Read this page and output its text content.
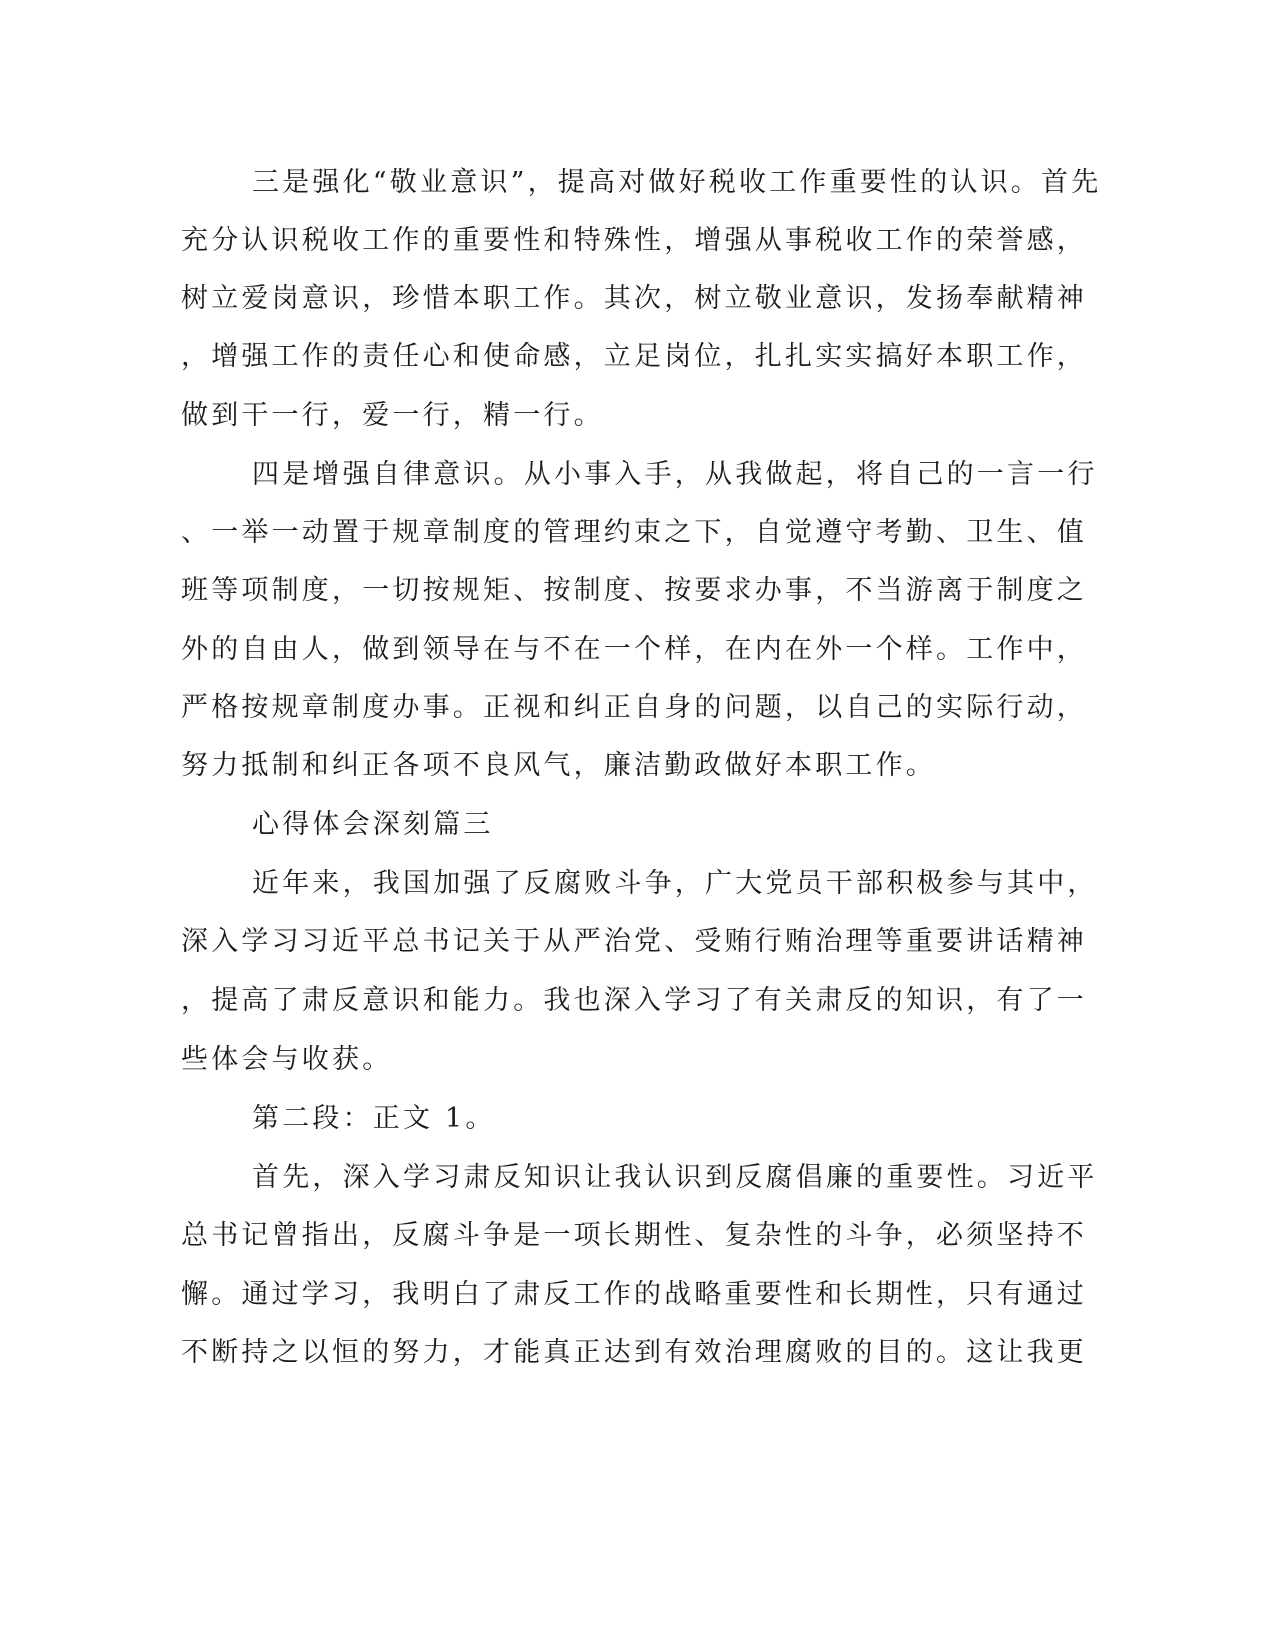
三是强化“敬业意识”，提高对做好税收工作重要性的认识。首先
充分认识税收工作的重要性和特殊性，增强从事税收工作的荣誉感，
树立爱岗意识，珍惜本职工作。其次，树立敬业意识，发扬奉献精神
，增强工作的责任心和使命感，立足岗位，扎扎实实搞好本职工作，
做到干一行，爱一行，精一行。
四是增强自律意识。从小事入手，从我做起，将自己的一言一行
、一举一动置于规章制度的管理约束之下，自觉遵守考勤、卫生、值
班等项制度，一切按规矩、按制度、按要求办事，不当游离于制度之
外的自由人，做到领导在与不在一个样，在内在外一个样。工作中，
严格按规章制度办事。正视和纠正自身的问题，以自己的实际行动，
努力抵制和纠正各项不良风气，廉洁勤政做好本职工作。
心得体会深刻篇三
近年来，我国加强了反腐败斗争，广大党员干部积极参与其中，
深入学习习近平总书记关于从严治党、受贿行贿治理等重要讲话精神
，提高了肃反意识和能力。我也深入学习了有关肃反的知识，有了一
些体会与收获。
第二段：正文 1。
首先，深入学习肃反知识让我认识到反腐倡廉的重要性。习近平
总书记曾指出，反腐斗争是一项长期性、复杂性的斗争，必须坚持不
懈。通过学习，我明白了肃反工作的战略重要性和长期性，只有通过
不断持之以恒的努力，才能真正达到有效治理腐败的目的。这让我更
